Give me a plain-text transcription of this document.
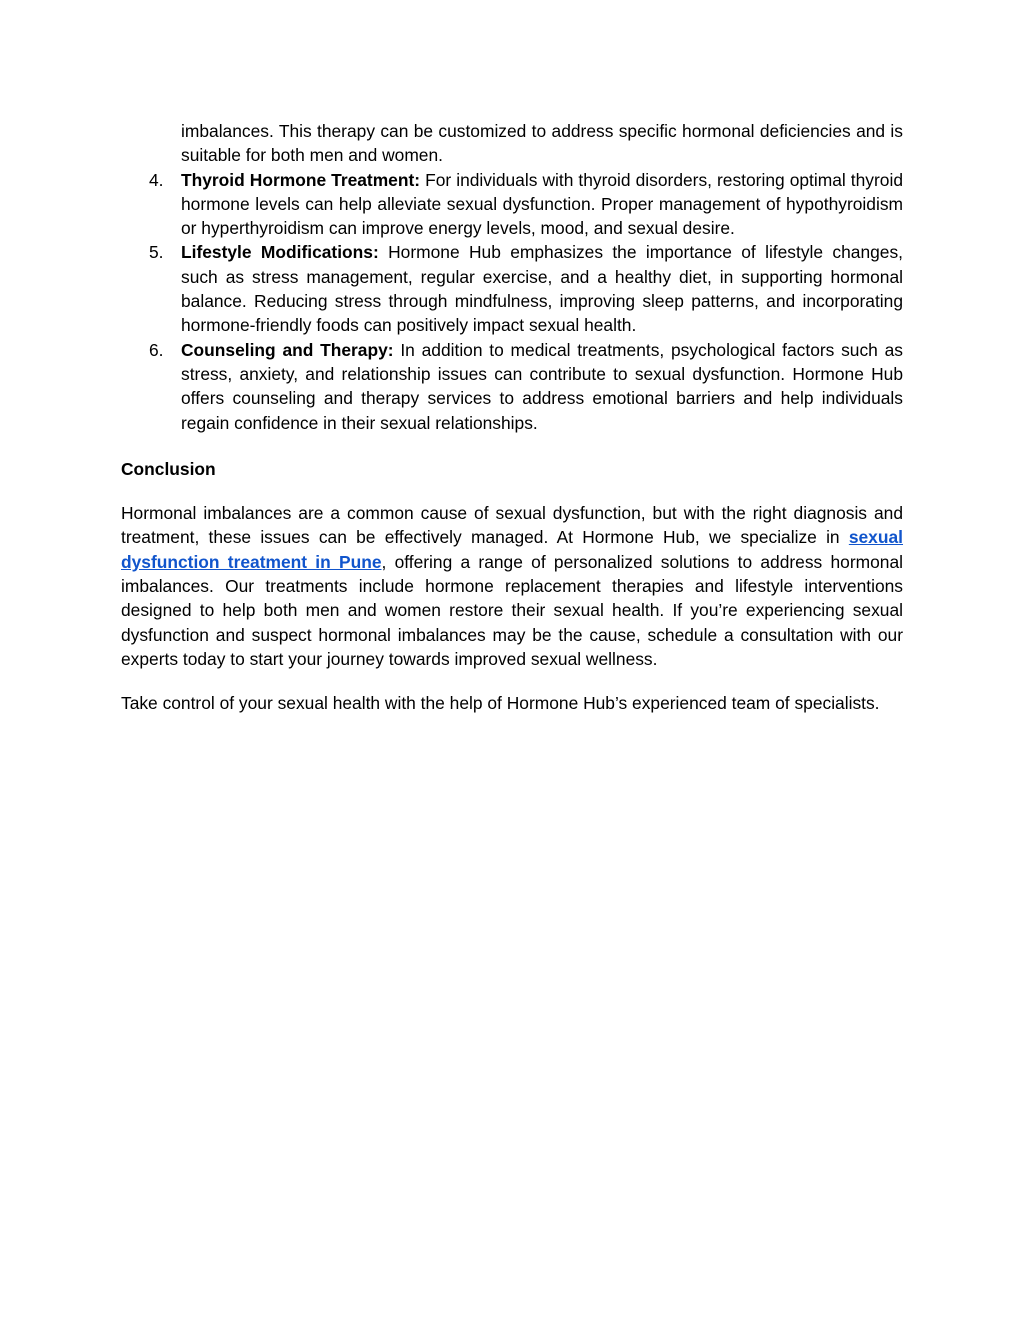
imbalances. This therapy can be customized to address specific hormonal deficiencies and is suitable for both men and women.
4. Thyroid Hormone Treatment: For individuals with thyroid disorders, restoring optimal thyroid hormone levels can help alleviate sexual dysfunction. Proper management of hypothyroidism or hyperthyroidism can improve energy levels, mood, and sexual desire.
5. Lifestyle Modifications: Hormone Hub emphasizes the importance of lifestyle changes, such as stress management, regular exercise, and a healthy diet, in supporting hormonal balance. Reducing stress through mindfulness, improving sleep patterns, and incorporating hormone-friendly foods can positively impact sexual health.
6. Counseling and Therapy: In addition to medical treatments, psychological factors such as stress, anxiety, and relationship issues can contribute to sexual dysfunction. Hormone Hub offers counseling and therapy services to address emotional barriers and help individuals regain confidence in their sexual relationships.

Conclusion

Hormonal imbalances are a common cause of sexual dysfunction, but with the right diagnosis and treatment, these issues can be effectively managed. At Hormone Hub, we specialize in sexual dysfunction treatment in Pune, offering a range of personalized solutions to address hormonal imbalances. Our treatments include hormone replacement therapies and lifestyle interventions designed to help both men and women restore their sexual health. If you’re experiencing sexual dysfunction and suspect hormonal imbalances may be the cause, schedule a consultation with our experts today to start your journey towards improved sexual wellness.

Take control of your sexual health with the help of Hormone Hub’s experienced team of specialists.
